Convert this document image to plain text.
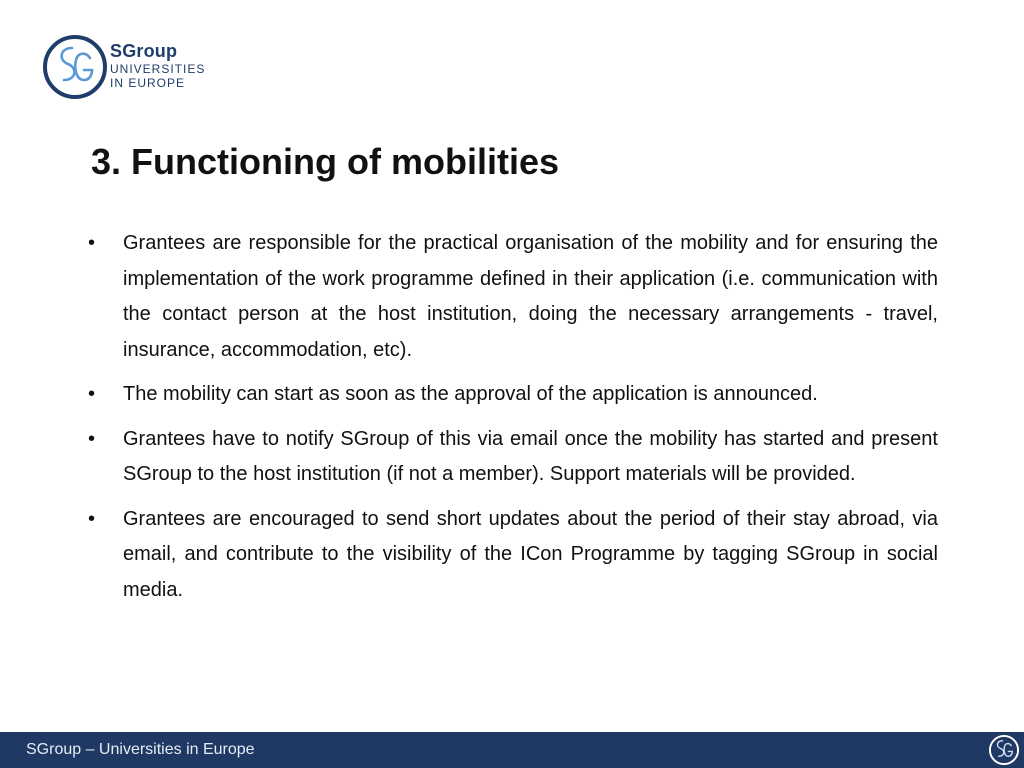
SGroup
UNIVERSITIES
IN EUROPE
3. Functioning of mobilities
•	Grantees are responsible for the practical organisation of the mobility and for ensuring the implementation of the work programme defined in their application (i.e. communication with the contact person at the host institution, doing the necessary arrangements - travel, insurance, accommodation, etc).
•	The mobility can start as soon as the approval of the application is announced.
•	Grantees have to notify SGroup of this via email once the mobility has started and present SGroup to the host institution (if not a member). Support materials will be provided.
•	Grantees are encouraged to send short updates about the period of their stay abroad, via email, and contribute to the visibility of the ICon Programme by tagging SGroup in social media.
SGroup – Universities in Europe
